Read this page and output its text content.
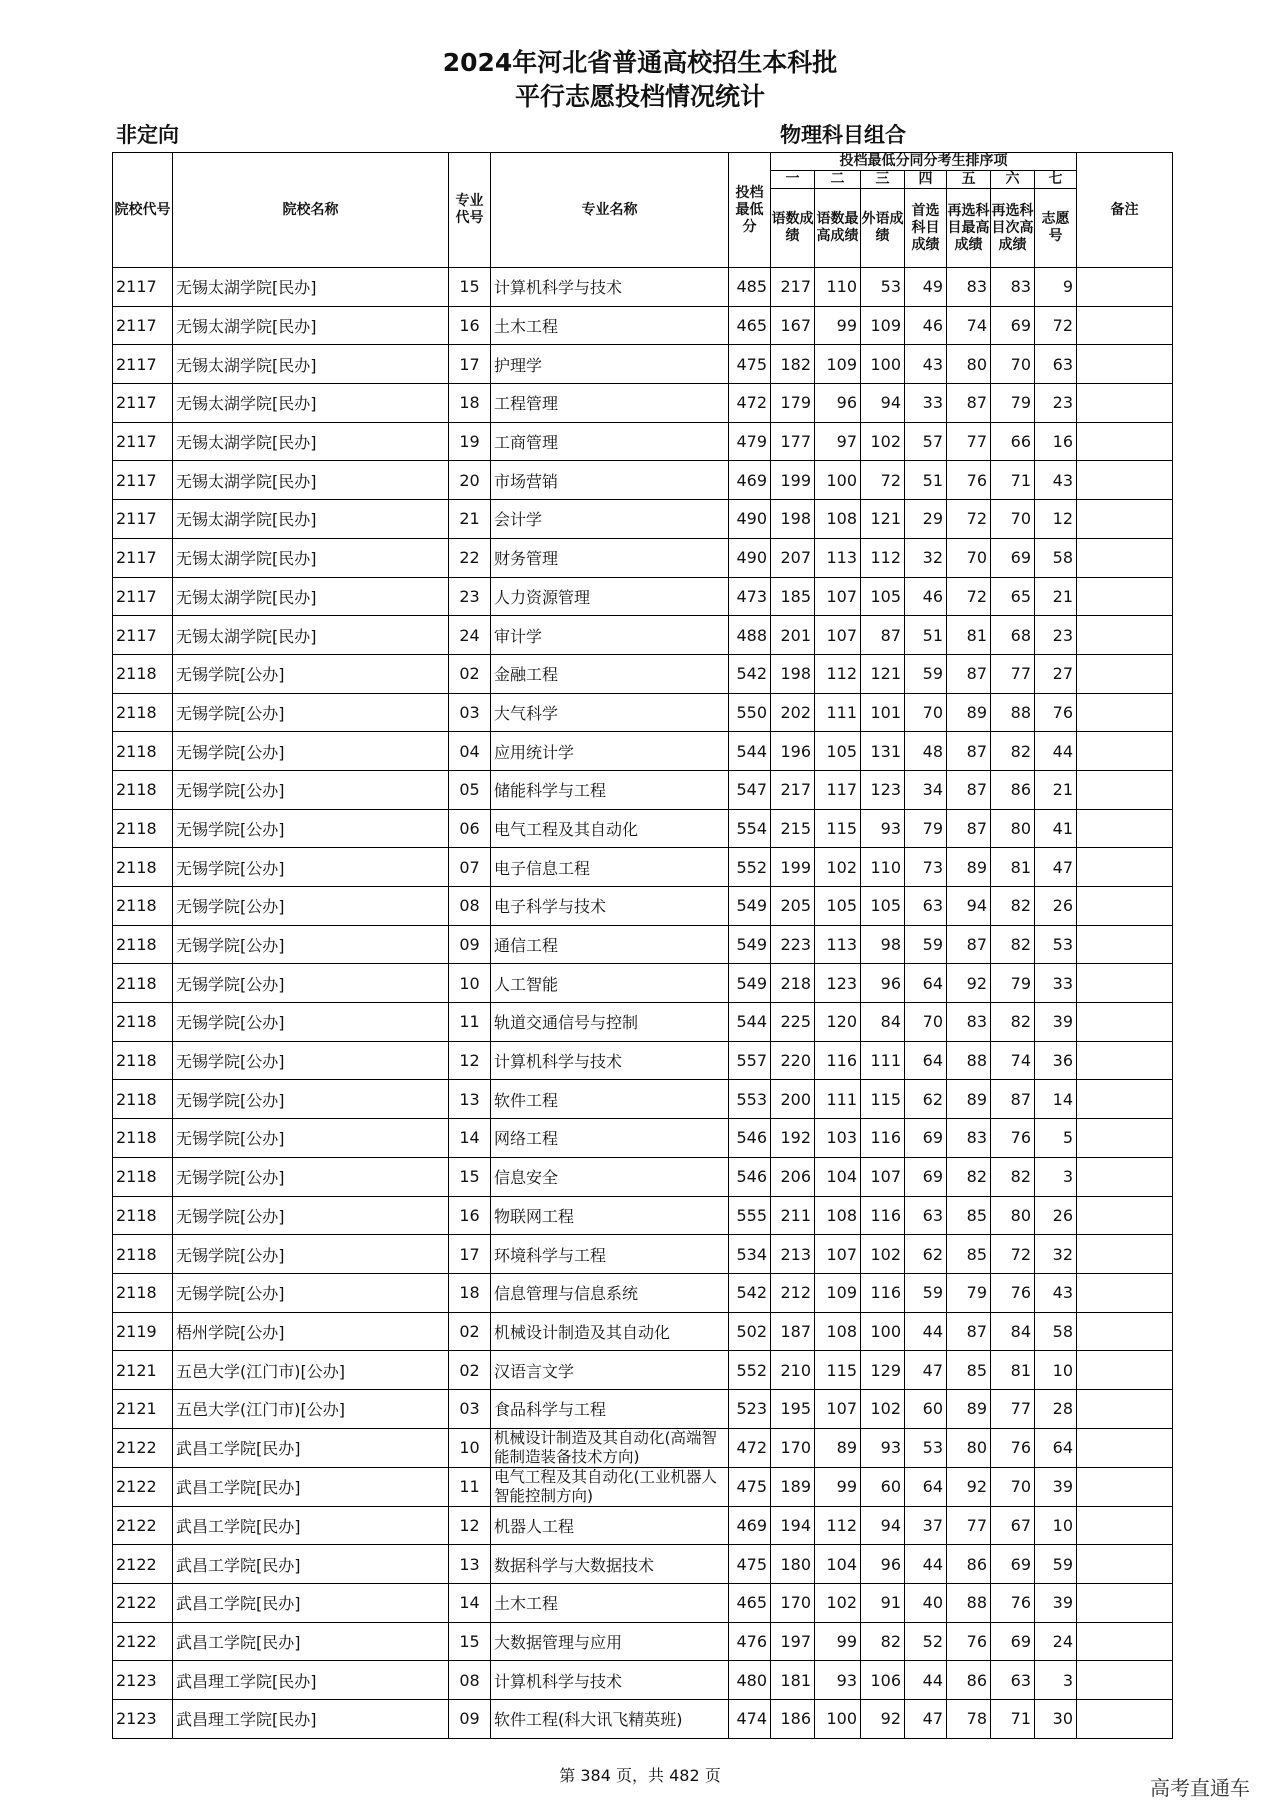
2024年河北省普通高校招生本科批
平行志愿投档情况统计
非定向	物理科目组合
院校代号	院校名称	专业代号	专业名称	投档最低分	投档最低分同分考生排序项							备注
					一	二	三	四	五	六	七	
					语数成绩	语数最高成绩	外语成绩	首选科目成绩	再选科目最高成绩	再选科目次高成绩	志愿号	
2117	无锡太湖学院[民办]	15	计算机科学与技术	485	217	110	53	49	83	83	9	
2117	无锡太湖学院[民办]	16	土木工程	465	167	99	109	46	74	69	72	
2117	无锡太湖学院[民办]	17	护理学	475	182	109	100	43	80	70	63	
2117	无锡太湖学院[民办]	18	工程管理	472	179	96	94	33	87	79	23	
2117	无锡太湖学院[民办]	19	工商管理	479	177	97	102	57	77	66	16	
2117	无锡太湖学院[民办]	20	市场营销	469	199	100	72	51	76	71	43	
2117	无锡太湖学院[民办]	21	会计学	490	198	108	121	29	72	70	12	
2117	无锡太湖学院[民办]	22	财务管理	490	207	113	112	32	70	69	58	
2117	无锡太湖学院[民办]	23	人力资源管理	473	185	107	105	46	72	65	21	
2117	无锡太湖学院[民办]	24	审计学	488	201	107	87	51	81	68	23	
2118	无锡学院[公办]	02	金融工程	542	198	112	121	59	87	77	27	
2118	无锡学院[公办]	03	大气科学	550	202	111	101	70	89	88	76	
2118	无锡学院[公办]	04	应用统计学	544	196	105	131	48	87	82	44	
2118	无锡学院[公办]	05	储能科学与工程	547	217	117	123	34	87	86	21	
2118	无锡学院[公办]	06	电气工程及其自动化	554	215	115	93	79	87	80	41	
2118	无锡学院[公办]	07	电子信息工程	552	199	102	110	73	89	81	47	
2118	无锡学院[公办]	08	电子科学与技术	549	205	105	105	63	94	82	26	
2118	无锡学院[公办]	09	通信工程	549	223	113	98	59	87	82	53	
2118	无锡学院[公办]	10	人工智能	549	218	123	96	64	92	79	33	
2118	无锡学院[公办]	11	轨道交通信号与控制	544	225	120	84	70	83	82	39	
2118	无锡学院[公办]	12	计算机科学与技术	557	220	116	111	64	88	74	36	
2118	无锡学院[公办]	13	软件工程	553	200	111	115	62	89	87	14	
2118	无锡学院[公办]	14	网络工程	546	192	103	116	69	83	76	5	
2118	无锡学院[公办]	15	信息安全	546	206	104	107	69	82	82	3	
2118	无锡学院[公办]	16	物联网工程	555	211	108	116	63	85	80	26	
2118	无锡学院[公办]	17	环境科学与工程	534	213	107	102	62	85	72	32	
2118	无锡学院[公办]	18	信息管理与信息系统	542	212	109	116	59	79	76	43	
2119	梧州学院[公办]	02	机械设计制造及其自动化	502	187	108	100	44	87	84	58	
2121	五邑大学(江门市)[公办]	02	汉语言文学	552	210	115	129	47	85	81	10	
2121	五邑大学(江门市)[公办]	03	食品科学与工程	523	195	107	102	60	89	77	28	
2122	武昌工学院[民办]	10	机械设计制造及其自动化(高端智能制造装备技术方向)	472	170	89	93	53	80	76	64	
2122	武昌工学院[民办]	11	电气工程及其自动化(工业机器人智能控制方向)	475	189	99	60	64	92	70	39	
2122	武昌工学院[民办]	12	机器人工程	469	194	112	94	37	77	67	10	
2122	武昌工学院[民办]	13	数据科学与大数据技术	475	180	104	96	44	86	69	59	
2122	武昌工学院[民办]	14	土木工程	465	170	102	91	40	88	76	39	
2122	武昌工学院[民办]	15	大数据管理与应用	476	197	99	82	52	76	69	24	
2123	武昌理工学院[民办]	08	计算机科学与技术	480	181	93	106	44	86	63	3	
2123	武昌理工学院[民办]	09	软件工程(科大讯飞精英班)	474	186	100	92	47	78	71	30	
第 384 页，共 482 页
高考直通车
